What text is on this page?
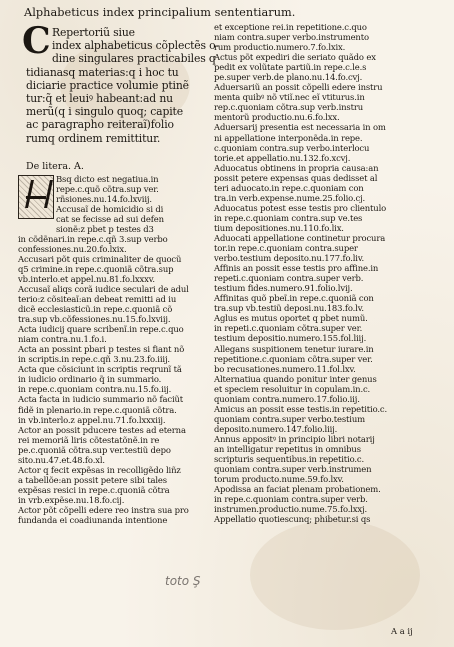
Alphabeticus index principalium sententiarum.
C Repertoriũ siue
index alphabeticus cõplectẽs o-
dine singulares practicabiles q
tidianasq materias:q i hoc tu
diciarie practice volumie ptinẽ
tur:q̃ et leuiꝰ habeant:ad nu
merũ(q i singulo quoq; capite
ac paragrapho reiteraĩ)folio
rumq ordinem remittitur.
De litera. A.
Bsq dicto est negatiua.in
repe.c.quõ cõtra.sup ver.
rñsiones.nu.14.fo.lxviij.
Accusaĩ de homicidio si di
cat se fecisse ad sui defen
sionẽ:z pbet p testes d3
in cõdẽnari.in repe.c.qñ 3.sup verbo
confessiones.nu.20.fo.lxix.
Accusari põt quis criminaliter de quocũ
q5 crimine.in repe.c.quoniã cõtra.sup
vb.interlo.et appel.nu.81.fo.lxxxv.
Accusaĩ aliqs corã iudice seculari de adul
terio:z cõsiteaĩ:an debeat remitti ad iu
dicẽ ecclesiasticũ.in repe.c.quoniã cõ
tra.sup vb.cõfessiones.nu.15.fo.lxviij.
Acta iudicij quare scribenĩ.in repe.c.quo
niam contra.nu.1.fo.i.
Acta an possint pbari p testes si fiant nõ
in scriptis.in repe.c.qñ 3.nu.23.fo.iiij.
Acta que cõsiciunt in scriptis reqrunĩ tã
in iudicio ordinario q̃ in summario.
in repe.c.quoniam contra.nu.15.fo.iij.
Acta facta in iudicio summario nõ faciũt
fidẽ in plenario.in repe.c.quoniã cõtra.
in vb.interlo.z appel.nu.71.fo.lxxxiij.
Actor an possit pducere testes ad eterna
rei memoriã liris cõtestatõnẽ.in re
pe.c.quoniã cõtra.sup ver.testiũ depo
sito.nu.47.et.48.fo.xl.
Actor q fecit expẽsas in recolligẽdo liñz
a tabellõe:an possit petere sibi tales
expẽsas resici in repe.c.quoniã cõtra
in vrb.expẽse.nu.18.fo.cij.
Actor põt cõpelli edere reo instra sua pro
fundanda ei coadiunanda intentione
et exceptione rei.in repetitione.c.quo
niam contra.super verbo.instrumento
rum productio.numero.7.fo.lxix.
Actus põt expediri die seriato quãdo ex
pedit ex volũtate partiũ.in repe.c.le.s
pe.super verb.de plano.nu.14.fo.cvj.
Aduersariũ an possit cõpelli edere instru
menta quibꝰ nõ vtiĩ.nec eĩ vtiturus.in
rep.c.quoniam cõtra.sup verb.instru
mentorũ productio.nu.6.fo.lxx.
Aduersarij presentia est necessaria in om
ni appellatione interponẽda.in repe.
c.quoniam contra.sup verbo.interlocu
torie.et appellatio.nu.132.fo.xcvj.
Aduocatus obtinens in propria causa:an
possit petere expensas quas dedisset al
teri aduocato.in repe.c.quoniam con
tra.in verb.expense.nume.25.folio.cj.
Aduocatus potest esse testis pro clientulo
in repe.c.quoniam contra.sup ve.tes
tium depositiones.nu.110.fo.lix.
Aduocati appellatione continetur procura
tor.in repe.c.quoniam contra.super
verbo.testium deposito.nu.177.fo.liv.
Affinis an possit esse testis pro affine.in
repeti.c.quoniam contra.super verb.
testium fides.numero.91.folio.lvij.
Affinitas quõ pbeĩ.in repe.c.quoniã con
tra.sup vb.testiũ deposi.nu.183.fo.lv.
Aglus es mutus oportet q pbet numũ.
in repeti.c.quoniam cõtra.super ver.
testium depositio.numero.155.fol.liij.
Allegans suspitionem tenetur iurare.in
repetitione.c.quoniam cõtra.super ver.
bo recusationes.numero.11.fol.lxv.
Alternatiua quando ponitur inter genus
et speciem resoluitur in copulam.in.c.
quoniam contra.numero.17.folio.iij.
Amicus an possit esse testis.in repetitio.c.
quoniam contra.super verbo.testium
deposito.numero.147.folio.liij.
Annus appositꝰ in principio libri notarij
an intelligatur repetitus in omnibus
scripturis sequentibus.in repetitio.c.
quoniam contra.super verb.instrumen
torum producto.nume.59.fo.lxv.
Apodissa an faciat plenam probationem.
in repe.c.quoniam contra.super verb.
instrumen.productio.nume.75.fo.lxxj.
Appellatio quotiescunq; phibetur.si qs
toto Ş
A a ij
